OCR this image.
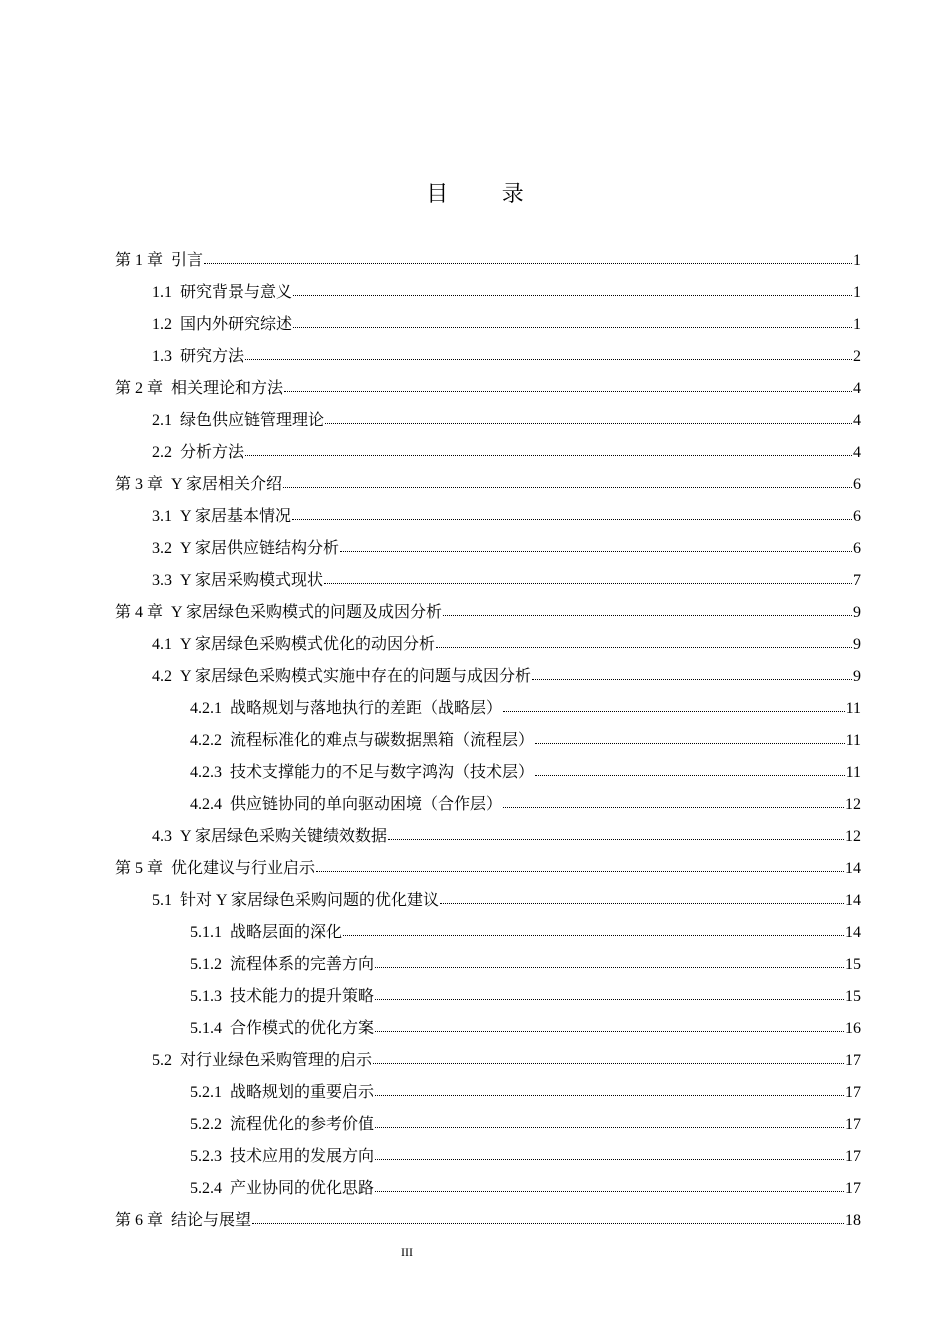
目 录
第 1 章 引言	1
1.1 研究背景与意义	1
1.2 国内外研究综述	1
1.3 研究方法	2
第 2 章 相关理论和方法	4
2.1 绿色供应链管理理论	4
2.2 分析方法	4
第 3 章 Y 家居相关介绍	6
3.1 Y 家居基本情况	6
3.2 Y 家居供应链结构分析	6
3.3 Y 家居采购模式现状	7
第 4 章 Y 家居绿色采购模式的问题及成因分析	9
4.1 Y 家居绿色采购模式优化的动因分析	9
4.2 Y 家居绿色采购模式实施中存在的问题与成因分析	9
4.2.1 战略规划与落地执行的差距（战略层）	11
4.2.2 流程标准化的难点与碳数据黑箱（流程层）	11
4.2.3 技术支撑能力的不足与数字鸿沟（技术层）	11
4.2.4 供应链协同的单向驱动困境（合作层）	12
4.3 Y 家居绿色采购关键绩效数据	12
第 5 章 优化建议与行业启示	14
5.1 针对 Y 家居绿色采购问题的优化建议	14
5.1.1 战略层面的深化	14
5.1.2 流程体系的完善方向	15
5.1.3 技术能力的提升策略	15
5.1.4 合作模式的优化方案	16
5.2 对行业绿色采购管理的启示	17
5.2.1 战略规划的重要启示	17
5.2.2 流程优化的参考价值	17
5.2.3 技术应用的发展方向	17
5.2.4 产业协同的优化思路	17
第 6 章 结论与展望	18
III
